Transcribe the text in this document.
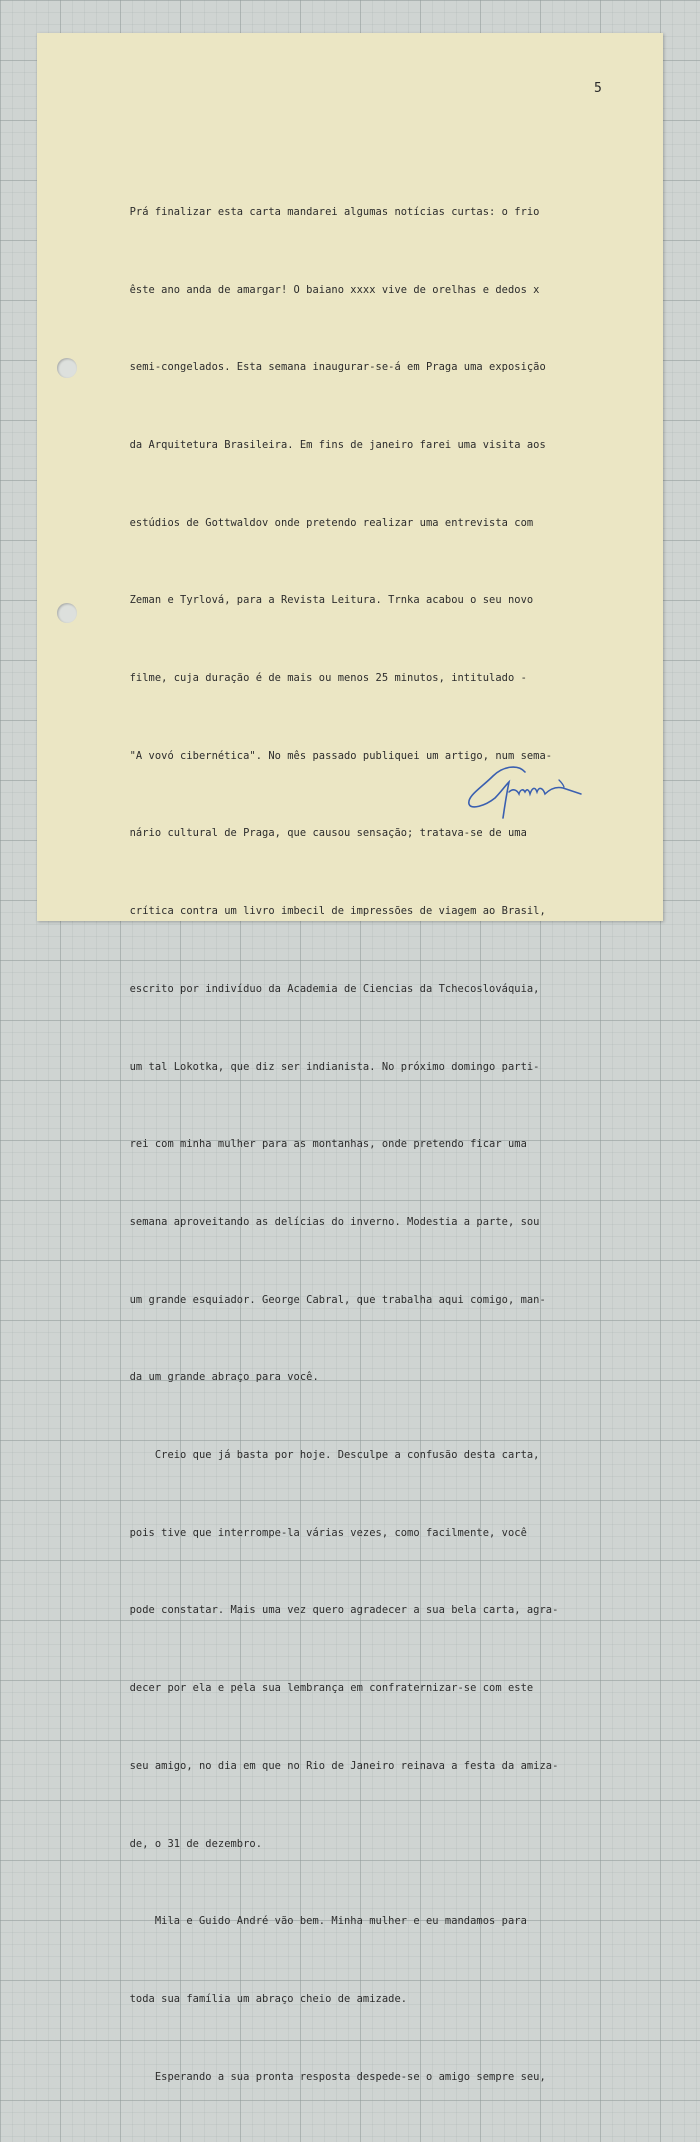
5

Prá finalizar esta carta mandarei algumas notícias curtas: o frio

êste ano anda de amargar! O baiano xxxx vive de orelhas e dedos x

semi-congelados. Esta semana inaugurar-se-á em Praga uma exposição

da Arquitetura Brasileira. Em fins de janeiro farei uma visita aos

estúdios de Gottwaldov onde pretendo realizar uma entrevista com

Zeman e Tyrlová, para a Revista Leitura. Trnka acabou o seu novo

filme, cuja duração é de mais ou menos 25 minutos, intitulado -

"A vovó cibernética". No mês passado publiquei um artigo, num sema-

nário cultural de Praga, que causou sensação; tratava-se de uma

crítica contra um livro imbecil de impressões de viagem ao Brasil,

escrito por indivíduo da Academia de Ciencias da Tchecoslováquia,

um tal Lokotka, que diz ser indianista. No próximo domingo parti-

rei com minha mulher para as montanhas, onde pretendo ficar uma

semana aproveitando as delícias do inverno. Modestia a parte, sou

um grande esquiador. George Cabral, que trabalha aqui comigo, man-

da um grande abraço para você.

Creio que já basta por hoje. Desculpe a confusão desta carta,

pois tive que interrompe-la várias vezes, como facilmente, você

pode constatar. Mais uma vez quero agradecer a sua bela carta, agra-

decer por ela e pela sua lembrança em confraternizar-se com este

seu amigo, no dia em que no Rio de Janeiro reinava a festa da amiza-

de, o 31 de dezembro.

Mila e Guido André vão bem. Minha mulher e eu mandamos para

toda sua família um abraço cheio de amizade.

Esperando a sua pronta resposta despede-se o amigo sempre seu,
